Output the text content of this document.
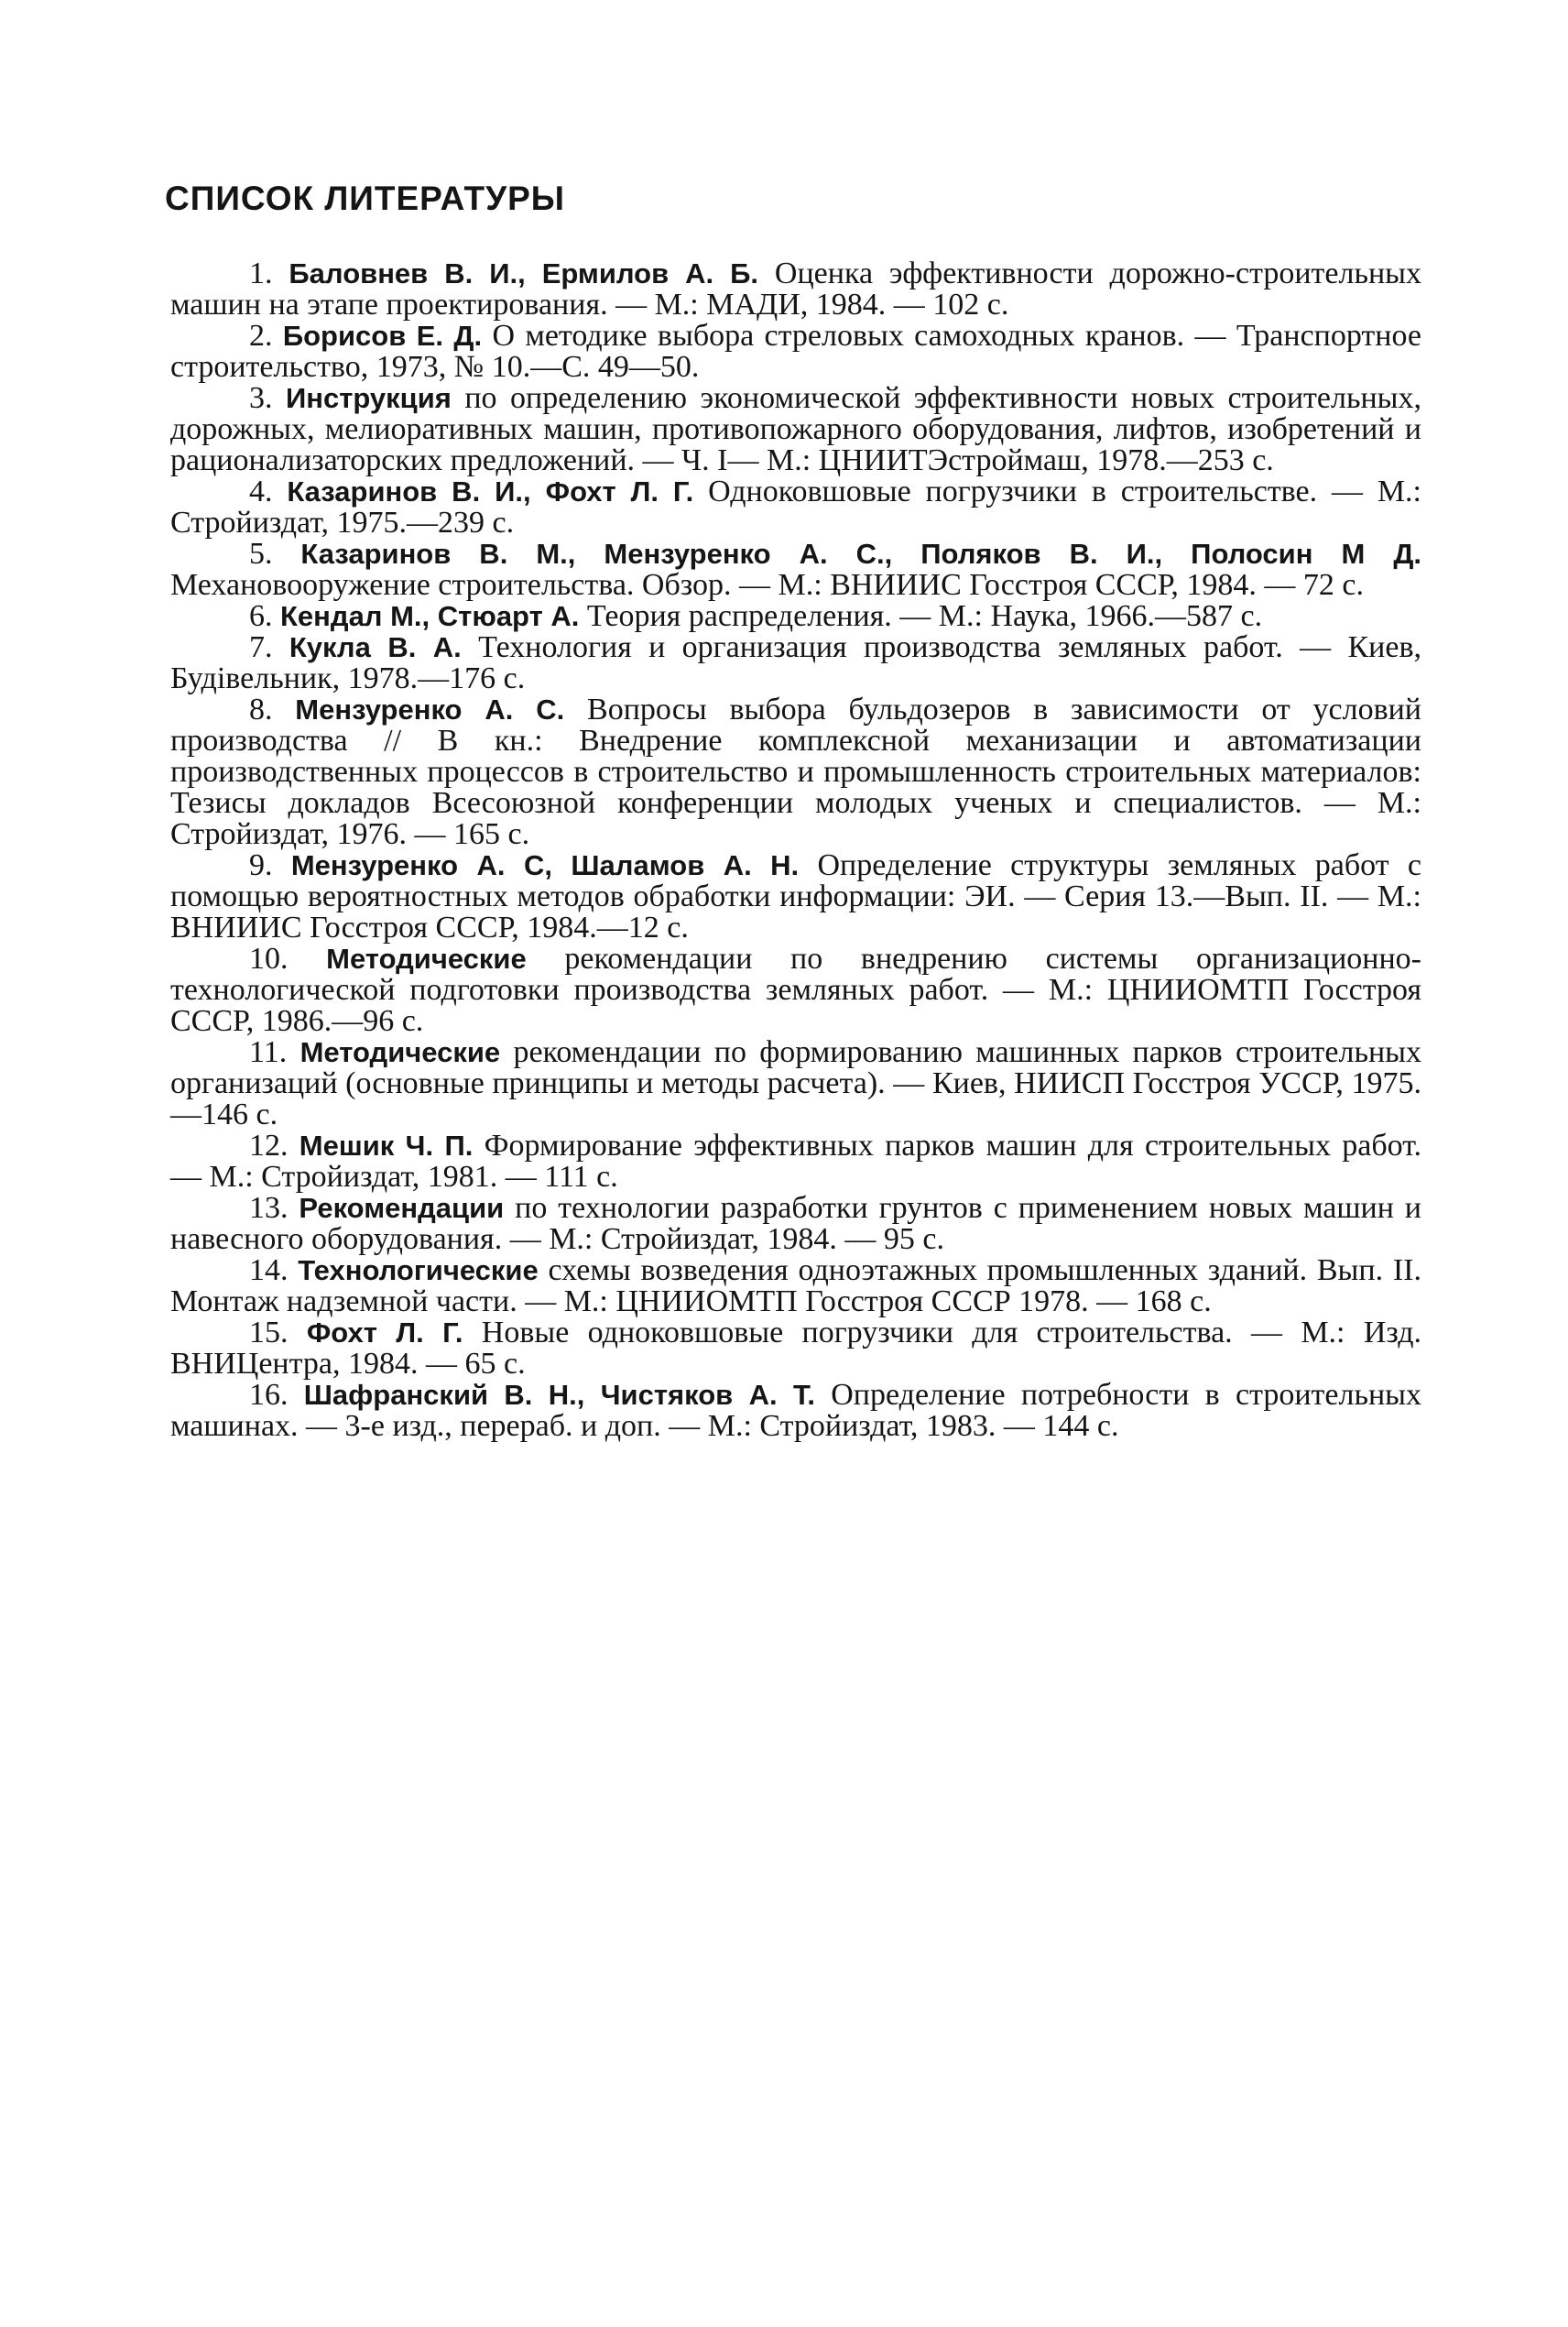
СПИСОК ЛИТЕРАТУРЫ
1. Баловнев В. И., Ермилов А. Б. Оценка эффективности дорожно-строительных машин на этапе проектирования. — М.: МАДИ, 1984. — 102 с.
2. Борисов Е. Д. О методике выбора стреловых самоходных кранов. — Транспортное строительство, 1973, № 10.—С. 49—50.
3. Инструкция по определению экономической эффективности новых строительных, дорожных, мелиоративных машин, противопожарного оборудования, лифтов, изобретений и рационализаторских предложений. — Ч. I— М.: ЦНИИТЭстроймаш, 1978.—253 с.
4. Казаринов В. И., Фохт Л. Г. Одноковшовые погрузчики в строительстве. — М.: Стройиздат, 1975.—239 с.
5. Казаринов В. М., Мензуренко А. С., Поляков В. И., Полосин М Д. Механовооружение строительства. Обзор. — М.: ВНИИИС Госстроя СССР, 1984. — 72 с.
6. Кендал М., Стюарт А. Теория распределения. — М.: Наука, 1966.—587 с.
7. Кукла В. А. Технология и организация производства земляных работ. — Киев, Будiвельник, 1978.—176 с.
8. Мензуренко А. С. Вопросы выбора бульдозеров в зависимости от условий производства // В кн.: Внедрение комплексной механизации и автоматизации производственных процессов в строительство и промышленность строительных материалов: Тезисы докладов Всесоюзной конференции молодых ученых и специалистов. — М.: Стройиздат, 1976. — 165 с.
9. Мензуренко А. С, Шаламов А. Н. Определение структуры земляных работ с помощью вероятностных методов обработки информации: ЭИ. — Серия 13.—Вып. II. — М.: ВНИИИС Госстроя СССР, 1984.—12 с.
10. Методические рекомендации по внедрению системы организационно-технологической подготовки производства земляных работ. — М.: ЦНИИОМТП Госстроя СССР, 1986.—96 с.
11. Методические рекомендации по формированию машинных парков строительных организаций (основные принципы и методы расчета). — Киев, НИИСП Госстроя УССР, 1975.—146 с.
12. Мешик Ч. П. Формирование эффективных парков машин для строительных работ. — М.: Стройиздат, 1981. — 111 с.
13. Рекомендации по технологии разработки грунтов с применением новых машин и навесного оборудования. — М.: Стройиздат, 1984. — 95 с.
14. Технологические схемы возведения одноэтажных промышленных зданий. Вып. II. Монтаж надземной части. — М.: ЦНИИОМТП Госстроя СССР 1978. — 168 с.
15. Фохт Л. Г. Новые одноковшовые погрузчики для строительства. — М.: Изд. ВНИЦентра, 1984. — 65 с.
16. Шафранский В. Н., Чистяков А. Т. Определение потребности в строительных машинах. — 3-е изд., перераб. и доп. — М.: Стройиздат, 1983. — 144 с.
